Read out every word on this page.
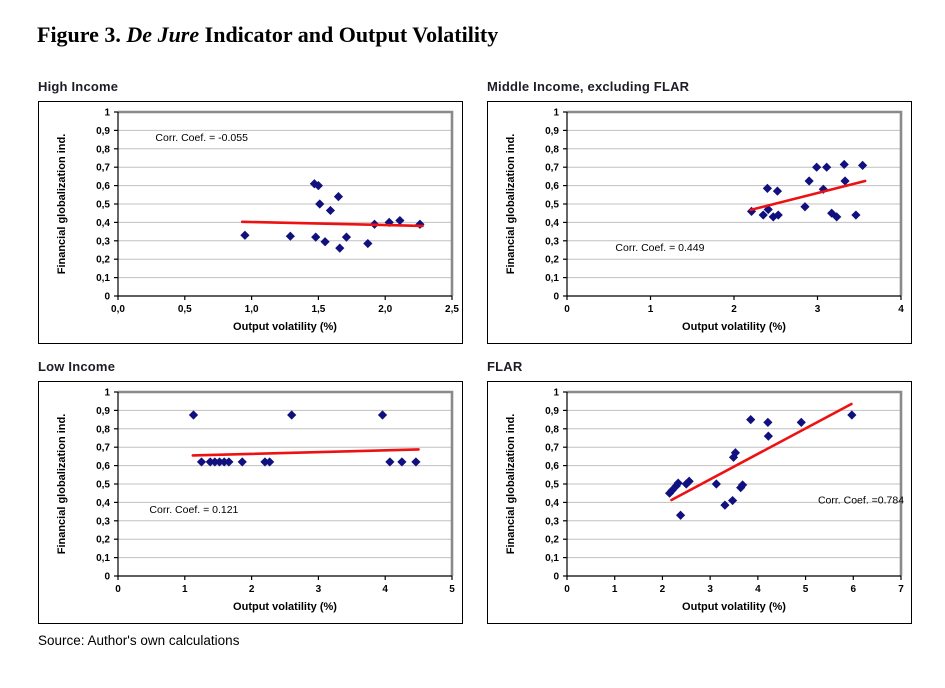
Figure 3. De Jure Indicator and Output Volatility
High Income
0
0,1
0,2
0,3
0,4
0,5
0,6
0,7
0,8
0,9
1
0,0	0,5	1,0	1,5	2,0	2,5
Financial globalization ind.
Output volatility (%)
Corr. Coef. = -0.055
Middle Income, excluding FLAR
0
0,1
0,2
0,3
0,4
0,5
0,6
0,7
0,8
0,9
1
0	1	2	3	4
Financial globalization ind.
Output volatility (%)
Corr. Coef. = 0.449
Low Income
0
0,1
0,2
0,3
0,4
0,5
0,6
0,7
0,8
0,9
1
0	1	2	3	4	5
Financial globalization ind.
Output volatility (%)
Corr. Coef. = 0.121
FLAR
0
0,1
0,2
0,3
0,4
0,5
0,6
0,7
0,8
0,9
1
0	1	2	3	4	5	6	7
Financial globalization ind.
Output volatility (%)
Corr. Coef. =0.784
Source: Author's own calculations
